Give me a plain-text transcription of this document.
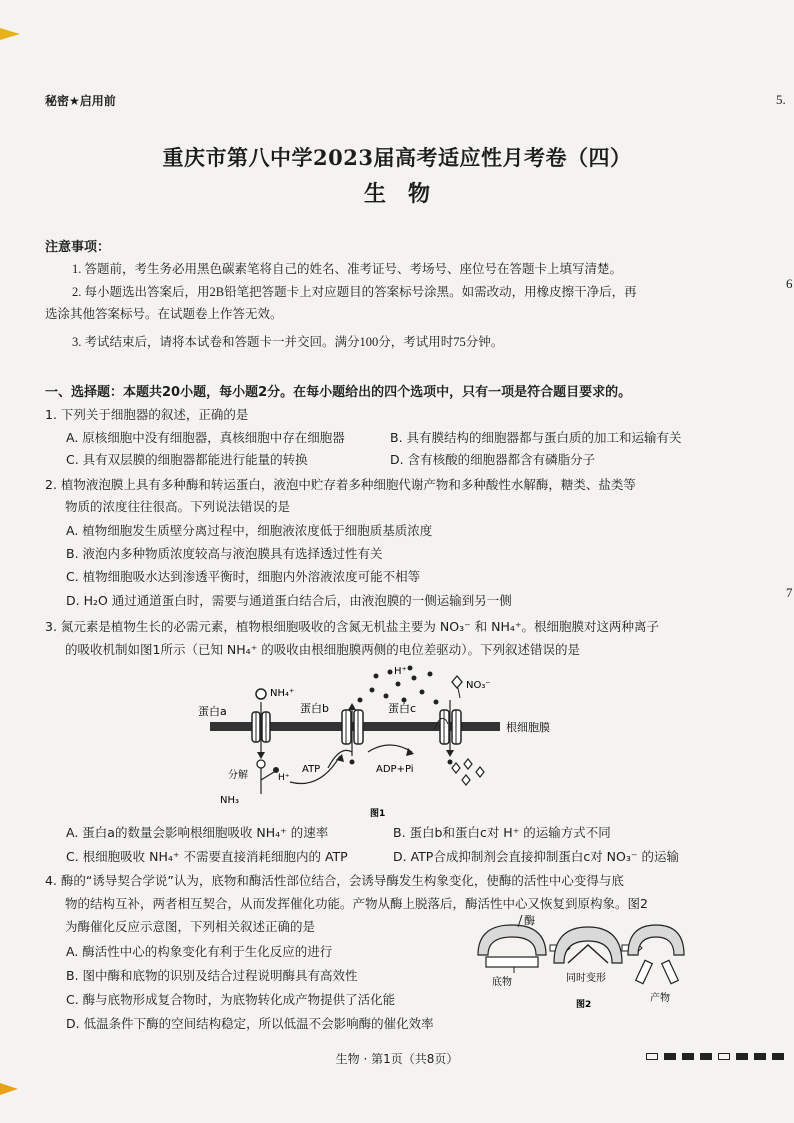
5.
6
7
秘密★启用前
重庆市第八中学2023届高考适应性月考卷（四）
生物
注意事项：
1. 答题前，考生务必用黑色碳素笔将自己的姓名、准考证号、考场号、座位号在答题卡上填写清楚。
2. 每小题选出答案后，用2B铅笔把答题卡上对应题目的答案标号涂黑。如需改动，用橡皮擦干净后，再
选涂其他答案标号。在试题卷上作答无效。
3. 考试结束后，请将本试卷和答题卡一并交回。满分100分，考试用时75分钟。
一、选择题：本题共20小题，每小题2分。在每小题给出的四个选项中，只有一项是符合题目要求的。
1. 下列关于细胞器的叙述，正确的是
A. 原核细胞中没有细胞器，真核细胞中存在细胞器	B. 具有膜结构的细胞器都与蛋白质的加工和运输有关
C. 具有双层膜的细胞器都能进行能量的转换	D. 含有核酸的细胞器都含有磷脂分子
2. 植物液泡膜上具有多种酶和转运蛋白，液泡中贮存着多种细胞代谢产物和多种酸性水解酶，糖类、盐类等
物质的浓度往往很高。下列说法错误的是
A. 植物细胞发生质壁分离过程中，细胞液浓度低于细胞质基质浓度
B. 液泡内多种物质浓度较高与液泡膜具有选择透过性有关
C. 植物细胞吸水达到渗透平衡时，细胞内外溶液浓度可能不相等
D. H₂O 通过通道蛋白时，需要与通道蛋白结合后，由液泡膜的一侧运输到另一侧
3. 氮元素是植物生长的必需元素，植物根细胞吸收的含氮无机盐主要为 NO₃⁻ 和 NH₄⁺。根细胞膜对这两种离子
的吸收机制如图1所示（已知 NH₄⁺ 的吸收由根细胞膜两侧的电位差驱动）。下列叙述错误的是
蛋白a	蛋白b	蛋白c
根细胞膜
NH₄⁺
H⁺
NO₃⁻
ATP	ADP+Pi
分解	H⁺
NH₃
图1
A. 蛋白a的数量会影响根细胞吸收 NH₄⁺ 的速率	B. 蛋白b和蛋白c对 H⁺ 的运输方式不同
C. 根细胞吸收 NH₄⁺ 不需要直接消耗细胞内的 ATP	D. ATP合成抑制剂会直接抑制蛋白c对 NO₃⁻ 的运输
4. 酶的“诱导契合学说”认为，底物和酶活性部位结合，会诱导酶发生构象变化，使酶的活性中心变得与底
物的结构互补，两者相互契合，从而发挥催化功能。产物从酶上脱落后，酶活性中心又恢复到原构象。图2
为酶催化反应示意图，下列相关叙述正确的是
A. 酶活性中心的构象变化有利于生化反应的进行
B. 图中酶和底物的识别及结合过程说明酶具有高效性
C. 酶与底物形成复合物时，为底物转化成产物提供了活化能
D. 低温条件下酶的空间结构稳定，所以低温不会影响酶的催化效率
酶
底物	同时变形
产物
图2
生物 · 第1页（共8页）
